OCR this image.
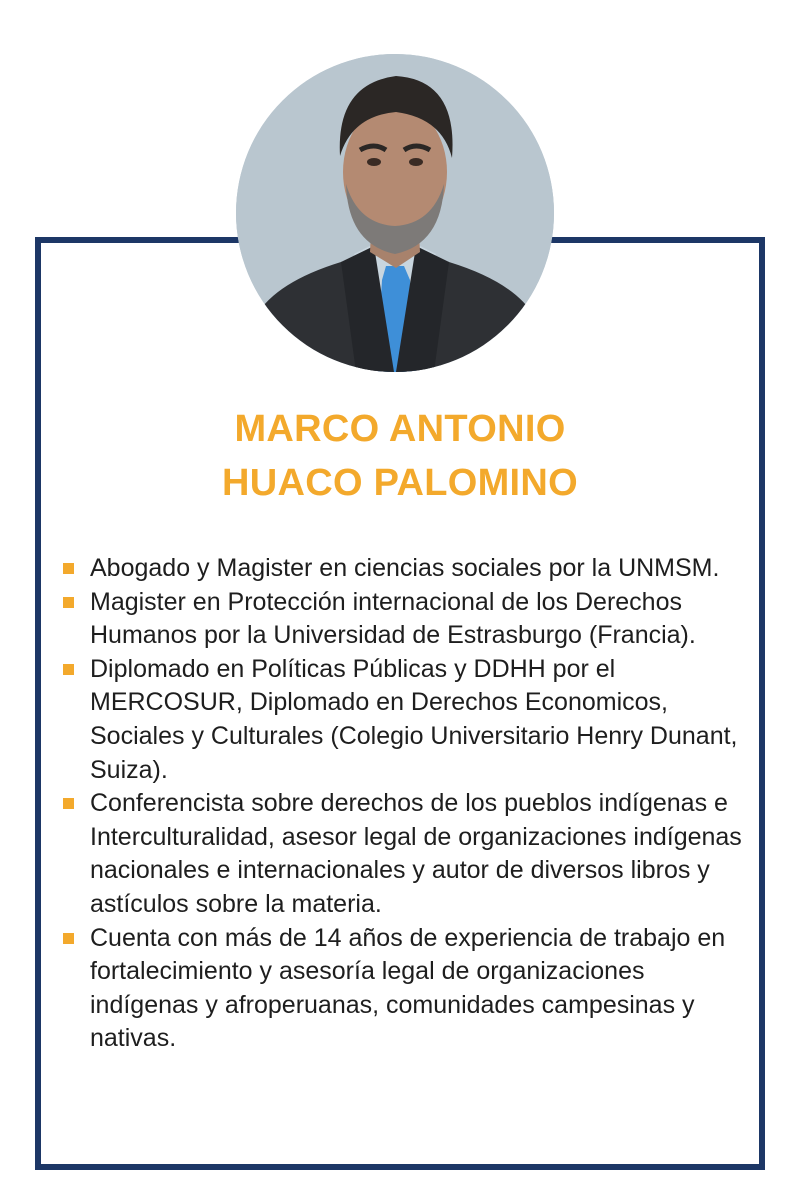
MARCO ANTONIO
HUACO PALOMINO
Abogado y Magister en ciencias sociales por la UNMSM.
Magister en Protección internacional de los Derechos Humanos por la Universidad de Estrasburgo (Francia).
Diplomado en Políticas Públicas y DDHH por el MERCOSUR, Diplomado en Derechos Economicos, Sociales y Culturales (Colegio Universitario Henry Dunant, Suiza).
Conferencista sobre derechos de los pueblos indígenas e Interculturalidad, asesor legal de organizaciones indígenas nacionales e internacionales y autor de diversos libros y astículos sobre la materia.
Cuenta con más de 14 años de experiencia de trabajo en fortalecimiento y asesoría legal de organizaciones indígenas y afroperuanas, comunidades campesinas y nativas.
